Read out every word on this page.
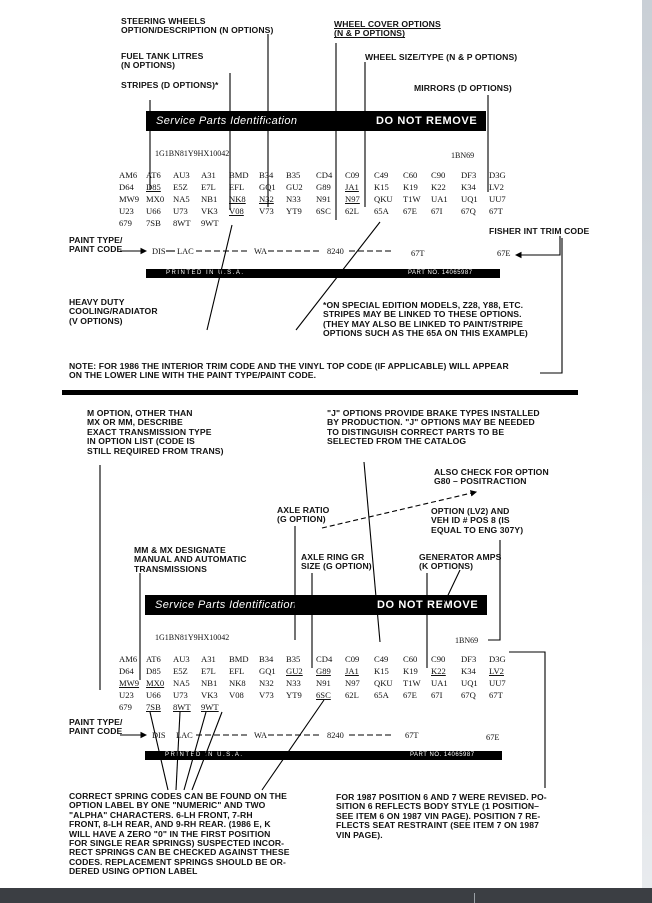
STEERING WHEELS
OPTION/DESCRIPTION (N OPTIONS)
FUEL TANK LITRES
(N OPTIONS)
STRIPES (D OPTIONS)*
WHEEL COVER OPTIONS
(N & P OPTIONS)
WHEEL SIZE/TYPE (N & P OPTIONS)
MIRRORS (D OPTIONS)
Service Parts Identification	DO NOT REMOVE
1G1BN81Y9HX10042	1BN69
AM6 AT6 AU3 A31 BMD B34 B35 CD4 C09 C49 C60 C90 DF3 D3G
D64 D85 E5Z E7L EFL GQ1 GU2 G89 JA1 K15 K19 K22 K34 LV2
MW9 MX0 NA5 NB1 NK8 N32 N33 N91 N97 QKU T1W UA1 UQ1 UU7
U23 U66 U73 VK3 V08 V73 YT9 6SC 62L 65A 67E 67I 67Q 67T
679 7SB 8WT 9WT
PAINT TYPE/
PAINT CODE	DIS LAC	WA	8240	67T	67E
FISHER INT TRIM CODE
PRINTED IN U.S.A.	PART NO. 14065987
HEAVY DUTY
COOLING/RADIATOR
(V OPTIONS)
*ON SPECIAL EDITION MODELS, Z28, Y88, ETC.
STRIPES MAY BE LINKED TO THESE OPTIONS.
(THEY MAY ALSO BE LINKED TO PAINT/STRIPE
OPTIONS SUCH AS THE 65A ON THIS EXAMPLE)
NOTE: FOR 1986 THE INTERIOR TRIM CODE AND THE VINYL TOP CODE (IF APPLICABLE) WILL APPEAR
ON THE LOWER LINE WITH THE PAINT TYPE/PAINT CODE.
M OPTION, OTHER THAN
MX OR MM, DESCRIBE
EXACT TRANSMISSION TYPE
IN OPTION LIST (CODE IS
STILL REQUIRED FROM TRANS)
"J" OPTIONS PROVIDE BRAKE TYPES INSTALLED
BY PRODUCTION. "J" OPTIONS MAY BE NEEDED
TO DISTINGUISH CORRECT PARTS TO BE
SELECTED FROM THE CATALOG
ALSO CHECK FOR OPTION
G80 – POSITRACTION
AXLE RATIO
(G OPTION)
OPTION (LV2) AND
VEH ID # POS 8 (IS
EQUAL TO ENG 307Y)
MM & MX DESIGNATE
MANUAL AND AUTOMATIC
TRANSMISSIONS
AXLE RING GR
SIZE (G OPTION)
GENERATOR AMPS
(K OPTIONS)
Service Parts Identification	DO NOT REMOVE
1G1BN81Y9HX10042	1BN69
AM6 AT6 AU3 A31 BMD B34 B35 CD4 C09 C49 C60 C90 DF3 D3G
D64 D85 E5Z E7L EFL GQ1 GU2 G89 JA1 K15 K19 K22 K34 LV2
MW9 MX0 NA5 NB1 NK8 N32 N33 N91 N97 QKU T1W UA1 UQ1 UU7
U23 U66 U73 VK3 V08 V73 YT9 6SC 62L 65A 67E 67I 67Q 67T
679 7SB 8WT 9WT
PAINT TYPE/
PAINT CODE	DIS LAC	WA	8240	67T	67E
PRINTED IN U.S.A.	PART NO. 14065987
CORRECT SPRING CODES CAN BE FOUND ON THE
OPTION LABEL BY ONE "NUMERIC" AND TWO
"ALPHA" CHARACTERS. 6-LH FRONT, 7-RH
FRONT, 8-LH REAR, AND 9-RH REAR. (1986 E, K
WILL HAVE A ZERO "0" IN THE FIRST POSITION
FOR SINGLE REAR SPRINGS) SUSPECTED INCOR-
RECT SPRINGS CAN BE CHECKED AGAINST THESE
CODES. REPLACEMENT SPRINGS SHOULD BE OR-
DERED USING OPTION LABEL
FOR 1987 POSITION 6 AND 7 WERE REVISED. PO-
SITION 6 REFLECTS BODY STYLE (1 POSITION–
SEE ITEM 6 ON 1987 VIN PAGE). POSITION 7 RE-
FLECTS SEAT RESTRAINT (SEE ITEM 7 ON 1987
VIN PAGE).
